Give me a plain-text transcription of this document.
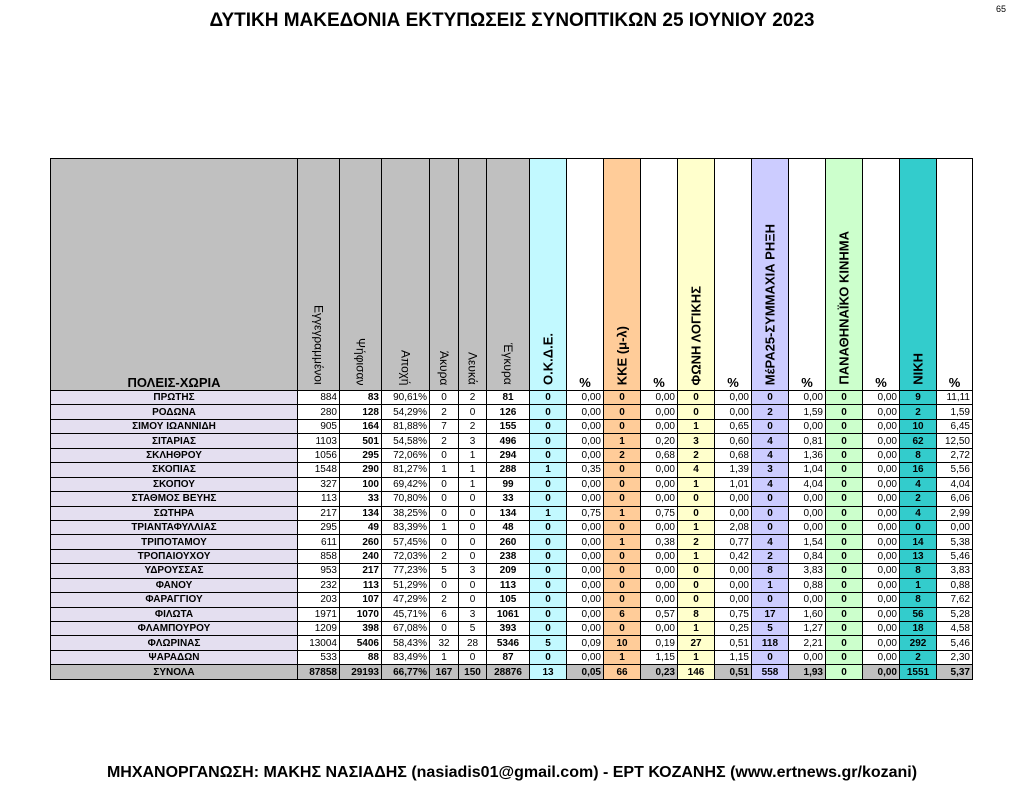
65
ΔΥΤΙΚΗ ΜΑΚΕΔΟΝΙΑ ΕΚΤΥΠΩΣΕΙΣ ΣΥΝΟΠΤΙΚΩΝ 25 ΙΟΥΝΙΟΥ 2023
ΠΟΛΕΙΣ-ΧΩΡΙΑ	Εγγεγραμμένοι	Ψήφισαν	Αποχή	Άκυρα	Λευκά	Έγκυρα	Ο.Κ.Δ.Ε.	%	ΚΚΕ (μ-λ)	%	ΦΩΝΗ ΛΟΓΙΚΗΣ	%	ΜέΡΑ25-ΣΥΜΜΑΧΙΑ ΡΗΞΗ	%	ΠΑΝΑΘΗΝΑΪΚΟ ΚΙΝΗΜΑ	%	ΝΙΚΗ	%
ΠΡΩΤΗΣ	884	83	90,61%	0	2	81	0	0,00	0	0,00	0	0,00	0	0,00	0	0,00	9	11,11
ΡΟΔΩΝΑ	280	128	54,29%	2	0	126	0	0,00	0	0,00	0	0,00	2	1,59	0	0,00	2	1,59
ΣΙΜΟΥ ΙΩΑΝΝΙΔΗ	905	164	81,88%	7	2	155	0	0,00	0	0,00	1	0,65	0	0,00	0	0,00	10	6,45
ΣΙΤΑΡΙΑΣ	1103	501	54,58%	2	3	496	0	0,00	1	0,20	3	0,60	4	0,81	0	0,00	62	12,50
ΣΚΛΗΘΡΟΥ	1056	295	72,06%	0	1	294	0	0,00	2	0,68	2	0,68	4	1,36	0	0,00	8	2,72
ΣΚΟΠΙΑΣ	1548	290	81,27%	1	1	288	1	0,35	0	0,00	4	1,39	3	1,04	0	0,00	16	5,56
ΣΚΟΠΟΥ	327	100	69,42%	0	1	99	0	0,00	0	0,00	1	1,01	4	4,04	0	0,00	4	4,04
ΣΤΑΘΜΟΣ ΒΕΥΗΣ	113	33	70,80%	0	0	33	0	0,00	0	0,00	0	0,00	0	0,00	0	0,00	2	6,06
ΣΩΤΗΡΑ	217	134	38,25%	0	0	134	1	0,75	1	0,75	0	0,00	0	0,00	0	0,00	4	2,99
ΤΡΙΑΝΤΑΦΥΛΛΙΑΣ	295	49	83,39%	1	0	48	0	0,00	0	0,00	1	2,08	0	0,00	0	0,00	0	0,00
ΤΡΙΠΟΤΑΜΟΥ	611	260	57,45%	0	0	260	0	0,00	1	0,38	2	0,77	4	1,54	0	0,00	14	5,38
ΤΡΟΠΑΙΟΥΧΟΥ	858	240	72,03%	2	0	238	0	0,00	0	0,00	1	0,42	2	0,84	0	0,00	13	5,46
ΥΔΡΟΥΣΣΑΣ	953	217	77,23%	5	3	209	0	0,00	0	0,00	0	0,00	8	3,83	0	0,00	8	3,83
ΦΑΝΟΥ	232	113	51,29%	0	0	113	0	0,00	0	0,00	0	0,00	1	0,88	0	0,00	1	0,88
ΦΑΡΑΓΓΙΟΥ	203	107	47,29%	2	0	105	0	0,00	0	0,00	0	0,00	0	0,00	0	0,00	8	7,62
ΦΙΛΩΤΑ	1971	1070	45,71%	6	3	1061	0	0,00	6	0,57	8	0,75	17	1,60	0	0,00	56	5,28
ΦΛΑΜΠΟΥΡΟΥ	1209	398	67,08%	0	5	393	0	0,00	0	0,00	1	0,25	5	1,27	0	0,00	18	4,58
ΦΛΩΡΙΝΑΣ	13004	5406	58,43%	32	28	5346	5	0,09	10	0,19	27	0,51	118	2,21	0	0,00	292	5,46
ΨΑΡΑΔΩΝ	533	88	83,49%	1	0	87	0	0,00	1	1,15	1	1,15	0	0,00	0	0,00	2	2,30
ΣΥΝΟΛΑ	87858	29193	66,77%	167	150	28876	13	0,05	66	0,23	146	0,51	558	1,93	0	0,00	1551	5,37
ΜΗΧΑΝΟΡΓΑΝΩΣΗ: ΜΑΚΗΣ ΝΑΣΙΑΔΗΣ (nasiadis01@gmail.com) - ΕΡΤ ΚΟΖΑΝΗΣ (www.ertnews.gr/kozani)
